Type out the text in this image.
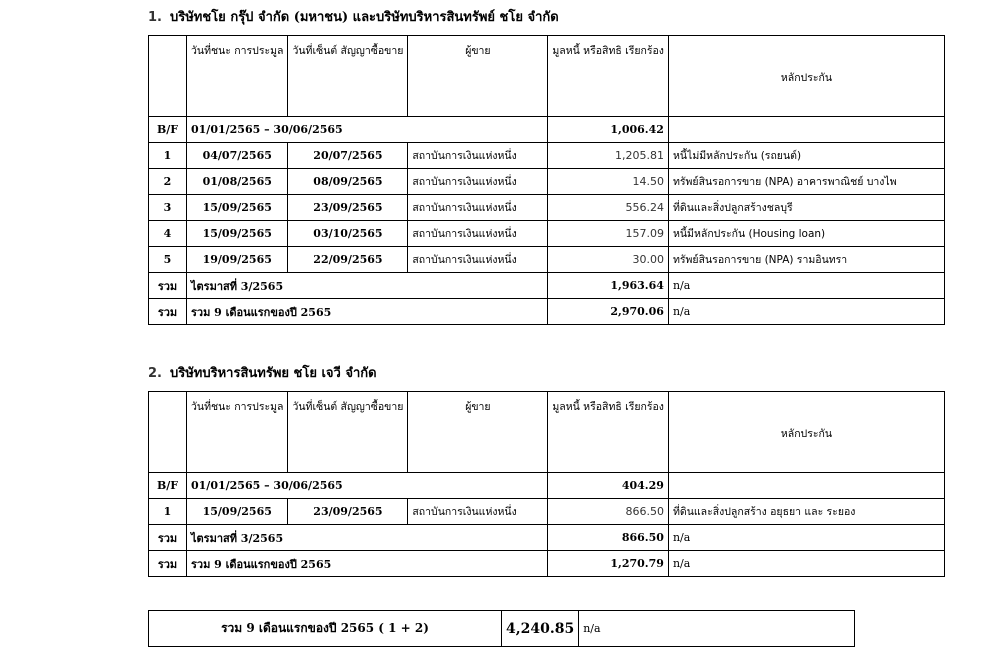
1. บริษัทชโย กรุ๊ป จำกัด (มหาชน) และบริษัทบริหารสินทรัพย์ ชโย จำกัด
	วันที่ชนะ การประมูล	วันที่เซ็นต์ สัญญาซื้อขาย	ผู้ขาย	มูลหนี้ หรือสิทธิ เรียกร้อง	หลักประกัน
B/F	01/01/2565 – 30/06/2565			1,006.42	
1	04/07/2565	20/07/2565	สถาบันการเงินแห่งหนึ่ง	1,205.81	หนี้ไม่มีหลักประกัน (รถยนต์)
2	01/08/2565	08/09/2565	สถาบันการเงินแห่งหนึ่ง	14.50	ทรัพย์สินรอการขาย (NPA) อาคารพาณิชย์ บางไพ
3	15/09/2565	23/09/2565	สถาบันการเงินแห่งหนึ่ง	556.24	ที่ดินและสิ่งปลูกสร้างชลบุรี
4	15/09/2565	03/10/2565	สถาบันการเงินแห่งหนึ่ง	157.09	หนี้มีหลักประกัน (Housing loan)
5	19/09/2565	22/09/2565	สถาบันการเงินแห่งหนึ่ง	30.00	ทรัพย์สินรอการขาย (NPA) รามอินทรา
รวม	ไตรมาสที่ 3/2565			1,963.64	n/a
รวม	รวม 9 เดือนแรกของปี 2565			2,970.06	n/a
2. บริษัทบริหารสินทรัพย ชโย เจวี จำกัด
	วันที่ชนะ การประมูล	วันที่เซ็นต์ สัญญาซื้อขาย	ผู้ขาย	มูลหนี้ หรือสิทธิ เรียกร้อง	หลักประกัน
B/F	01/01/2565 – 30/06/2565			404.29	
1	15/09/2565	23/09/2565	สถาบันการเงินแห่งหนึ่ง	866.50	ที่ดินและสิ่งปลูกสร้าง อยุธยา และ ระยอง
รวม	ไตรมาสที่ 3/2565			866.50	n/a
รวม	รวม 9 เดือนแรกของปี 2565			1,270.79	n/a
รวม 9 เดือนแรกของปี 2565 ( 1 + 2)	4,240.85	n/a
